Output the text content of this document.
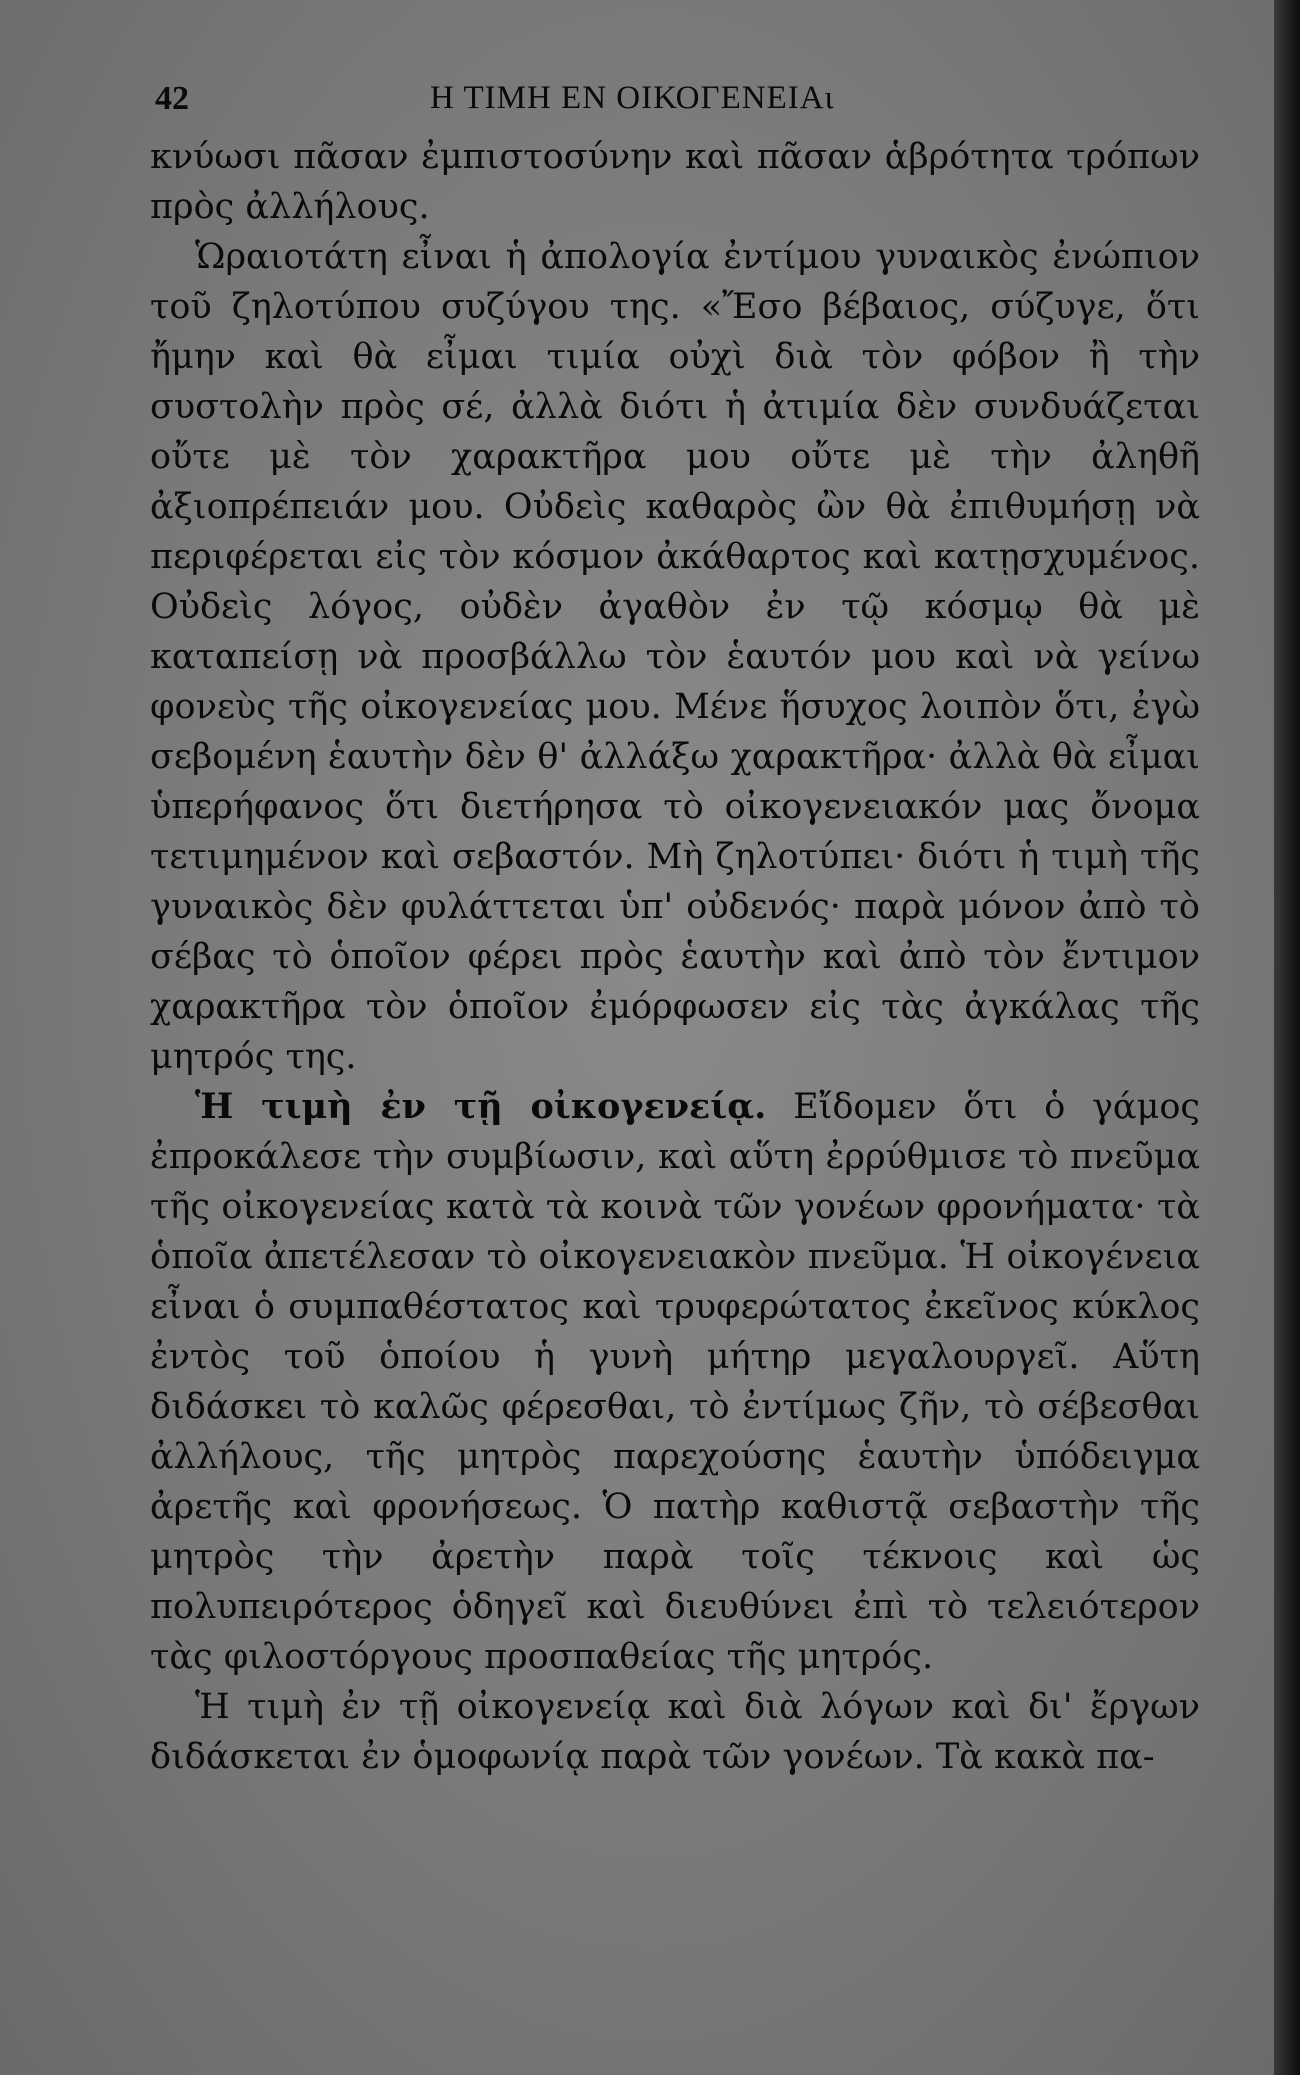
42	Η ΤΙΜΗ ΕΝ ΟΙΚΟΓΕΝΕΙΑι

κνύωσι πᾶσαν ἐμπιστοσύνην καὶ πᾶσαν ἁβρότητα τρόπων πρὸς ἀλλήλους.

Ὡραιοτάτη εἶναι ἡ ἀπολογία ἐντίμου γυναικὸς ἐνώπιον τοῦ ζηλοτύπου συζύγου της. «Ἔσο βέβαιος, σύζυγε, ὅτι ἤμην καὶ θὰ εἶμαι τιμία οὐχὶ διὰ τὸν φόβον ἢ τὴν συστολὴν πρὸς σέ, ἀλλὰ διότι ἡ ἀτιμία δὲν συνδυάζεται οὔτε μὲ τὸν χαρακτῆρα μου οὔτε μὲ τὴν ἀληθῆ ἀξιοπρέπειάν μου. Οὐδεὶς καθαρὸς ὢν θὰ ἐπιθυμήσῃ νὰ περιφέρεται εἰς τὸν κόσμον ἀκάθαρτος καὶ κατῃσχυμένος. Οὐδεὶς λόγος, οὐδὲν ἀγαθὸν ἐν τῷ κόσμῳ θὰ μὲ καταπείσῃ νὰ προσβάλλω τὸν ἑαυτόν μου καὶ νὰ γείνω φονεὺς τῆς οἰκογενείας μου. Μένε ἥσυχος λοιπὸν ὅτι, ἐγὼ σεβομένη ἑαυτὴν δὲν θ' ἀλλάξω χαρακτῆρα· ἀλλὰ θὰ εἶμαι ὑπερήφανος ὅτι διετήρησα τὸ οἰκογενειακόν μας ὄνομα τετιμημένον καὶ σεβαστόν. Μὴ ζηλοτύπει· διότι ἡ τιμὴ τῆς γυναικὸς δὲν φυλάττεται ὑπ' οὐδενός· παρὰ μόνον ἀπὸ τὸ σέβας τὸ ὁποῖον φέρει πρὸς ἑαυτὴν καὶ ἀπὸ τὸν ἔντιμον χαρακτῆρα τὸν ὁποῖον ἐμόρφωσεν εἰς τὰς ἀγκάλας τῆς μητρός της.

Ἡ τιμὴ ἐν τῇ οἰκογενείᾳ. Εἴδομεν ὅτι ὁ γάμος ἐπροκάλεσε τὴν συμβίωσιν, καὶ αὕτη ἐρρύθμισε τὸ πνεῦμα τῆς οἰκογενείας κατὰ τὰ κοινὰ τῶν γονέων φρονήματα· τὰ ὁποῖα ἀπετέλεσαν τὸ οἰκογενειακὸν πνεῦμα. Ἡ οἰκογένεια εἶναι ὁ συμπαθέστατος καὶ τρυφερώτατος ἐκεῖνος κύκλος ἐντὸς τοῦ ὁποίου ἡ γυνὴ μήτηρ μεγαλουργεῖ. Αὕτη διδάσκει τὸ καλῶς φέρεσθαι, τὸ ἐντίμως ζῆν, τὸ σέβεσθαι ἀλλήλους, τῆς μητρὸς παρεχούσης ἑαυτὴν ὑπόδειγμα ἀρετῆς καὶ φρονήσεως. Ὁ πατὴρ καθιστᾷ σεβαστὴν τῆς μητρὸς τὴν ἀρετὴν παρὰ τοῖς τέκνοις καὶ ὡς πολυπειρότερος ὁδηγεῖ καὶ διευθύνει ἐπὶ τὸ τελειότερον τὰς φιλοστόργους προσπαθείας τῆς μητρός.

Ἡ τιμὴ ἐν τῇ οἰκογενείᾳ καὶ διὰ λόγων καὶ δι' ἔργων διδάσκεται ἐν ὁμοφωνίᾳ παρὰ τῶν γονέων. Τὰ κακὰ πα-
